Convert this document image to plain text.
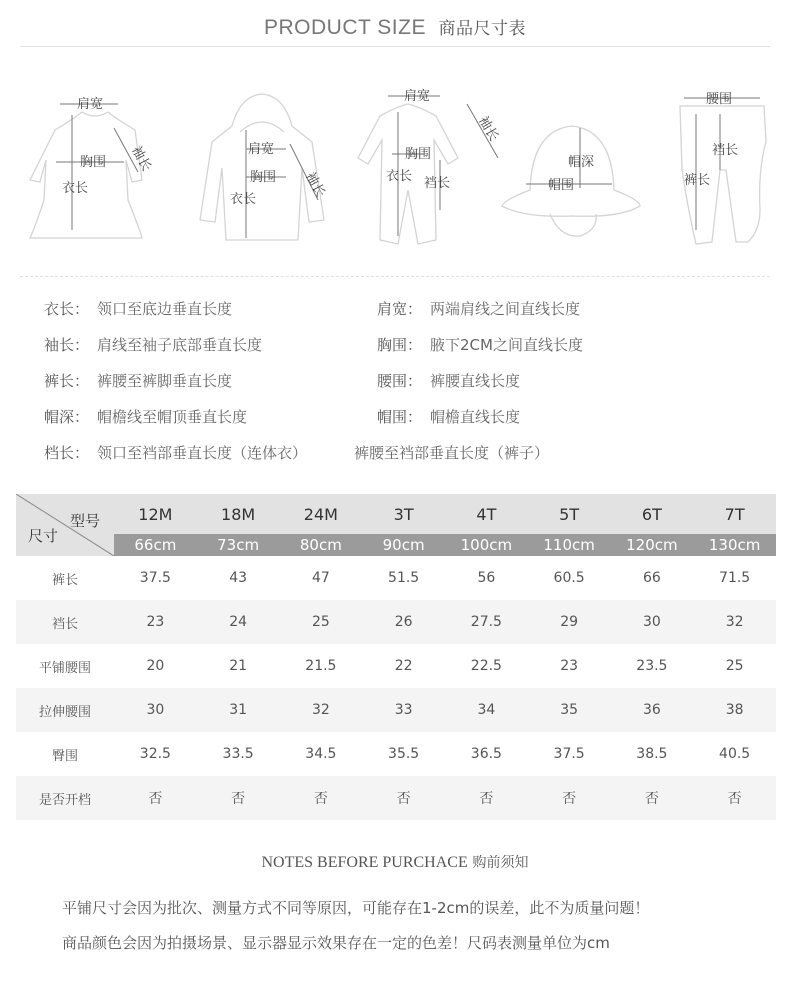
PRODUCT SIZE 商品尺寸表
肩宽
胸围
衣长
袖长	肩宽
胸围
衣长	袖长
肩宽
胸围
衣长 裆长
袖长
帽深
帽围
腰围
裆长
裤长
衣长： 领口至底边垂直长度	肩宽： 两端肩线之间直线长度
袖长： 肩线至袖子底部垂直长度	胸围： 腋下2CM之间直线长度
裤长： 裤腰至裤脚垂直长度	腰围： 裤腰直线长度
帽深： 帽檐线至帽顶垂直长度	帽围： 帽檐直线长度
档长： 领口至裆部垂直长度（连体衣）	裤腰至裆部垂直长度（裤子）
型号
尺寸	12M	18M	24M	3T	4T	5T	6T	7T
	66cm	73cm	80cm	90cm	100cm	110cm	120cm	130cm
裤长	37.5	43	47	51.5	56	60.5	66	71.5
裆长	23	24	25	26	27.5	29	30	32
平铺腰围	20	21	21.5	22	22.5	23	23.5	25
拉伸腰围	30	31	32	33	34	35	36	38
臀围	32.5	33.5	34.5	35.5	36.5	37.5	38.5	40.5
是否开档	否	否	否	否	否	否	否	否
NOTES BEFORE PURCHACE 购前须知
平铺尺寸会因为批次、测量方式不同等原因，可能存在1-2cm的误差，此不为质量问题！
商品颜色会因为拍摄场景、显示器显示效果存在一定的色差！尺码表测量单位为cm
